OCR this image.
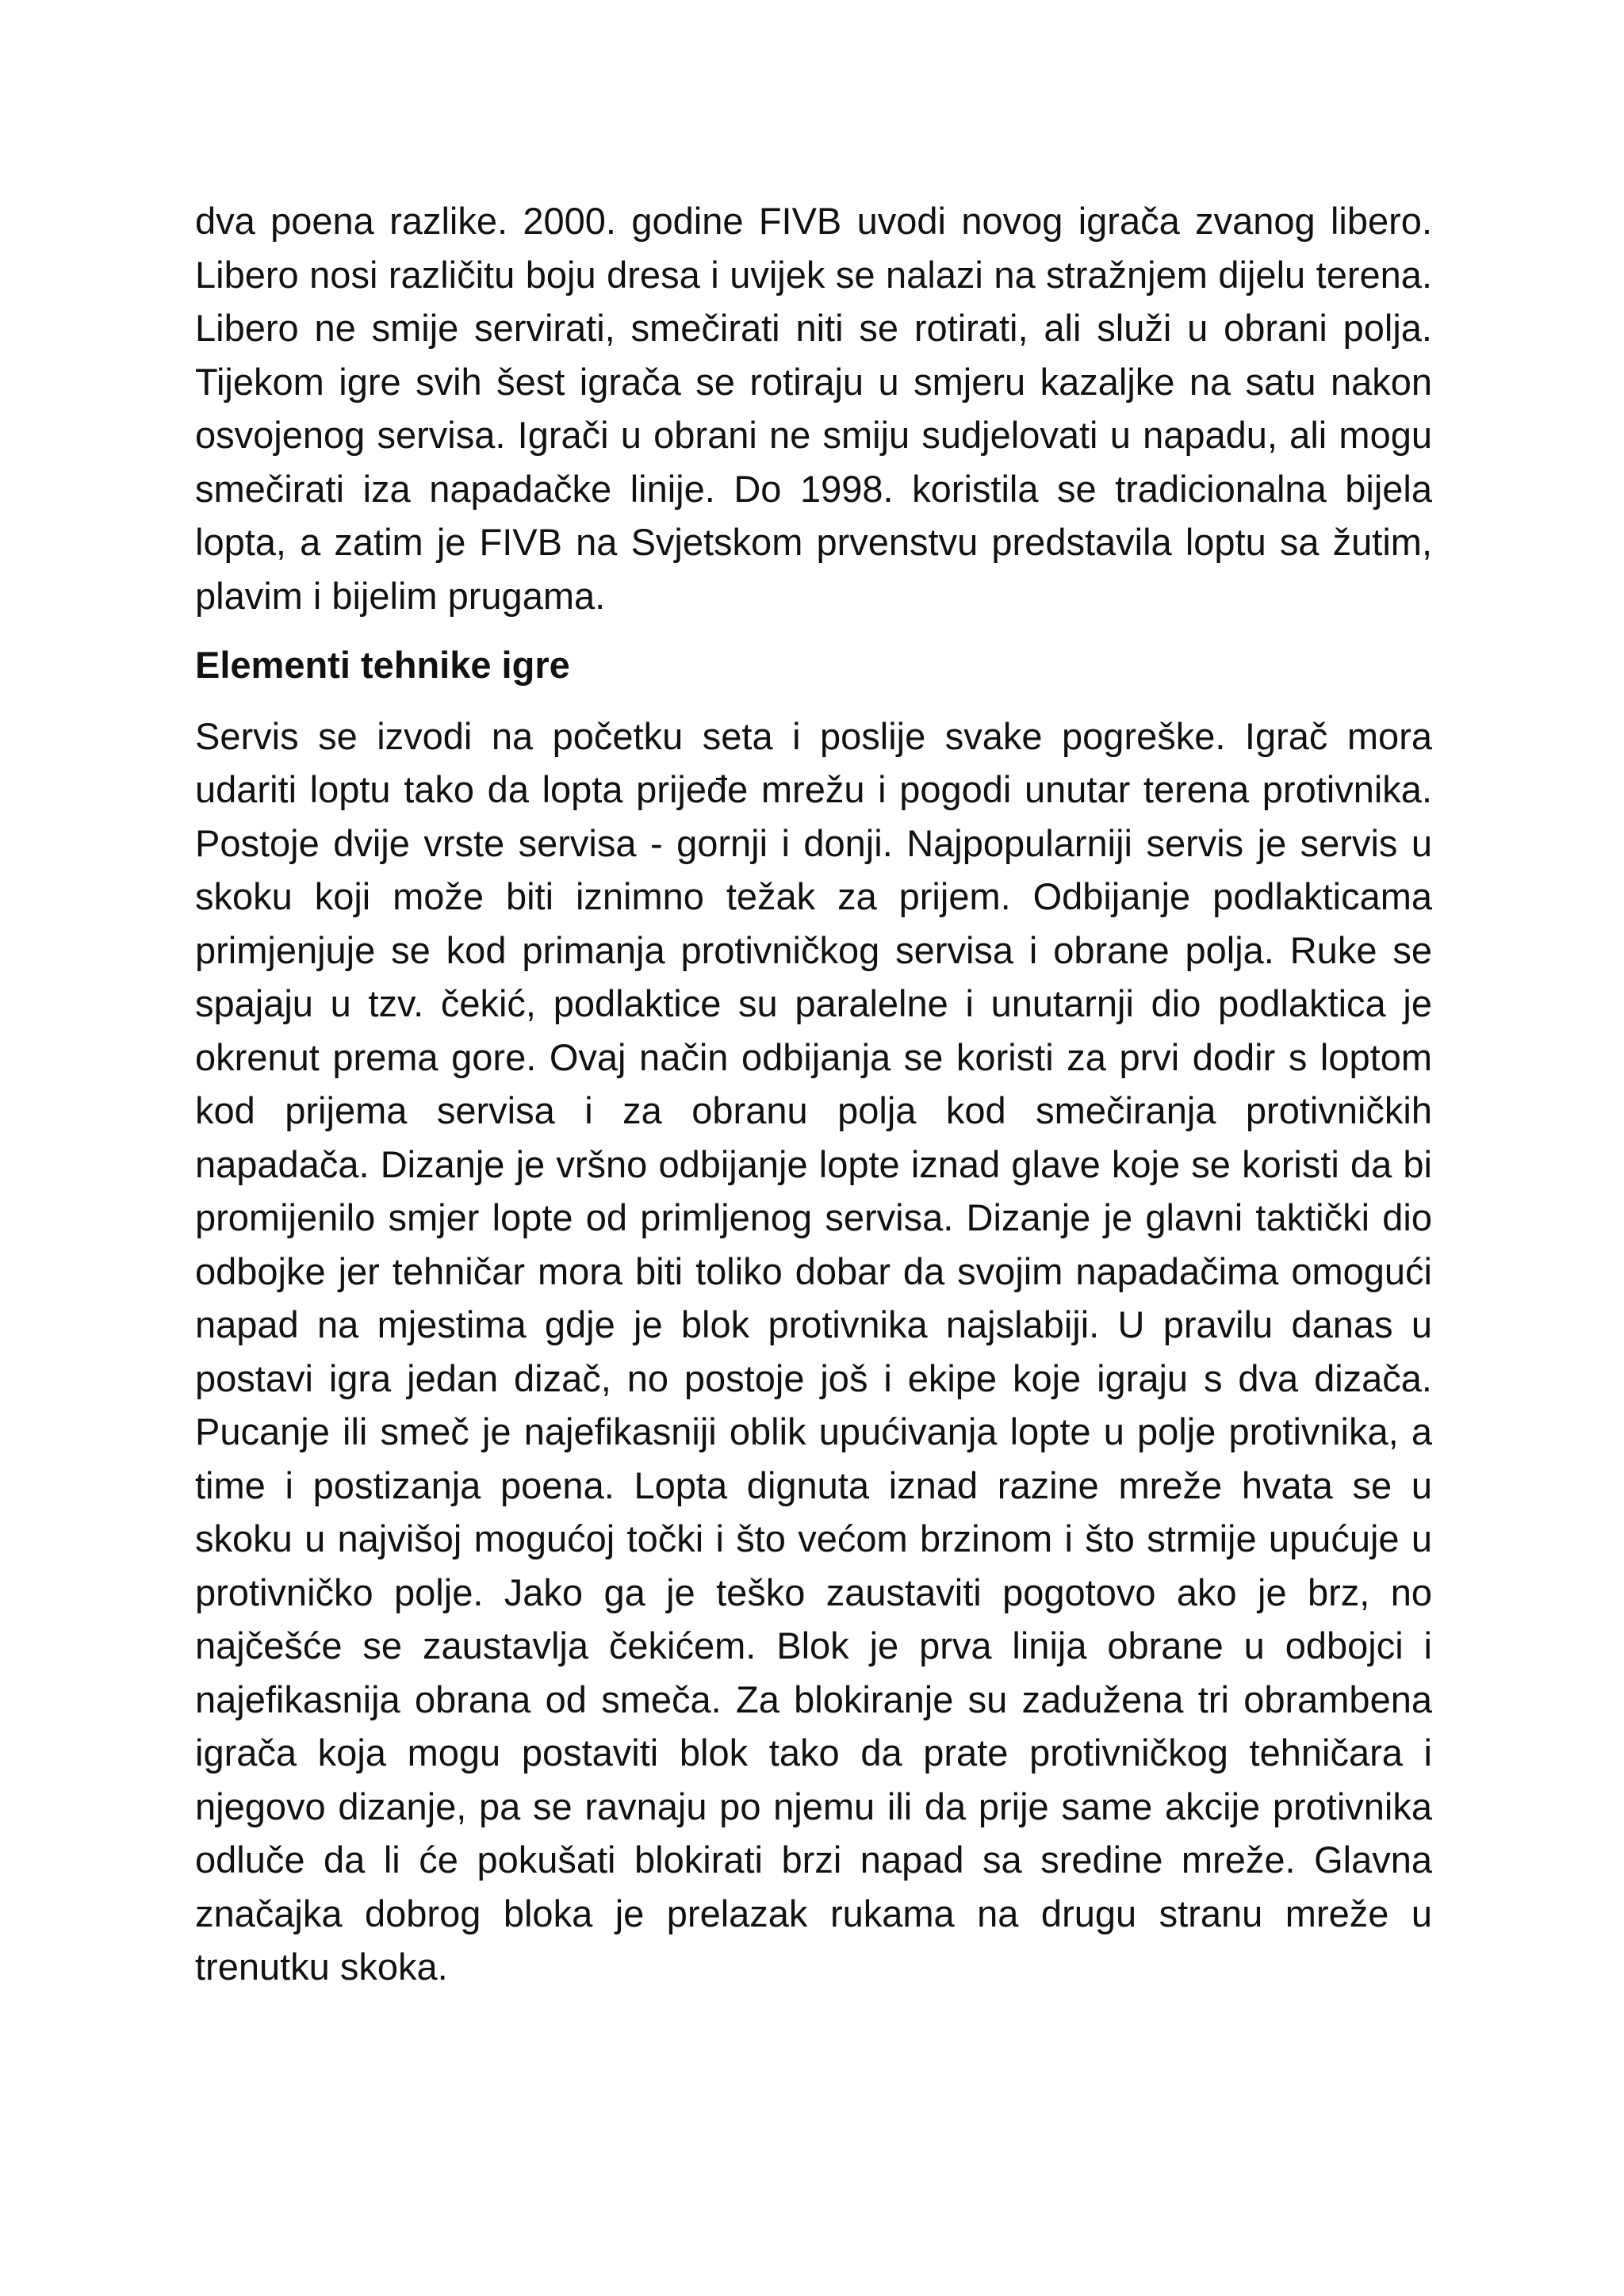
dva poena razlike. 2000. godine FIVB uvodi novog igrača zvanog libero. Libero nosi različitu boju dresa i uvijek se nalazi na stražnjem dijelu terena. Libero ne smije servirati, smečirati niti se rotirati, ali služi u obrani polja. Tijekom igre svih šest igrača se rotiraju u smjeru kazaljke na satu nakon osvojenog servisa. Igrači u obrani ne smiju sudjelovati u napadu, ali mogu smečirati iza napadačke linije. Do 1998. koristila se tradicionalna bijela lopta, a zatim je FIVB na Svjetskom prvenstvu predstavila loptu sa žutim, plavim i bijelim prugama.

Elementi tehnike igre

Servis se izvodi na početku seta i poslije svake pogreške. Igrač mora udariti loptu tako da lopta prijeđe mrežu i pogodi unutar terena protivnika. Postoje dvije vrste servisa - gornji i donji. Najpopularniji servis je servis u skoku koji može biti iznimno težak za prijem. Odbijanje podlakticama primjenjuje se kod primanja protivničkog servisa i obrane polja. Ruke se spajaju u tzv. čekić, podlaktice su paralelne i unutarnji dio podlaktica je okrenut prema gore. Ovaj način odbijanja se koristi za prvi dodir s loptom kod prijema servisa i za obranu polja kod smečiranja protivničkih napadača. Dizanje je vršno odbijanje lopte iznad glave koje se koristi da bi promijenilo smjer lopte od primljenog servisa. Dizanje je glavni taktički dio odbojke jer tehničar mora biti toliko dobar da svojim napadačima omogući napad na mjestima gdje je blok protivnika najslabiji. U pravilu danas u postavi igra jedan dizač, no postoje još i ekipe koje igraju s dva dizača. Pucanje ili smeč je najefikasniji oblik upućivanja lopte u polje protivnika, a time i postizanja poena. Lopta dignuta iznad razine mreže hvata se u skoku u najvišoj mogućoj točki i što većom brzinom i što strmije upućuje u protivničko polje. Jako ga je teško zaustaviti pogotovo ako je brz, no najčešće se zaustavlja čekićem. Blok je prva linija obrane u odbojci i najefikasnija obrana od smeča. Za blokiranje su zadužena tri obrambena igrača koja mogu postaviti blok tako da prate protivničkog tehničara i njegovo dizanje, pa se ravnaju po njemu ili da prije same akcije protivnika odluče da li će pokušati blokirati brzi napad sa sredine mreže. Glavna značajka dobrog bloka je prelazak rukama na drugu stranu mreže u trenutku skoka.
